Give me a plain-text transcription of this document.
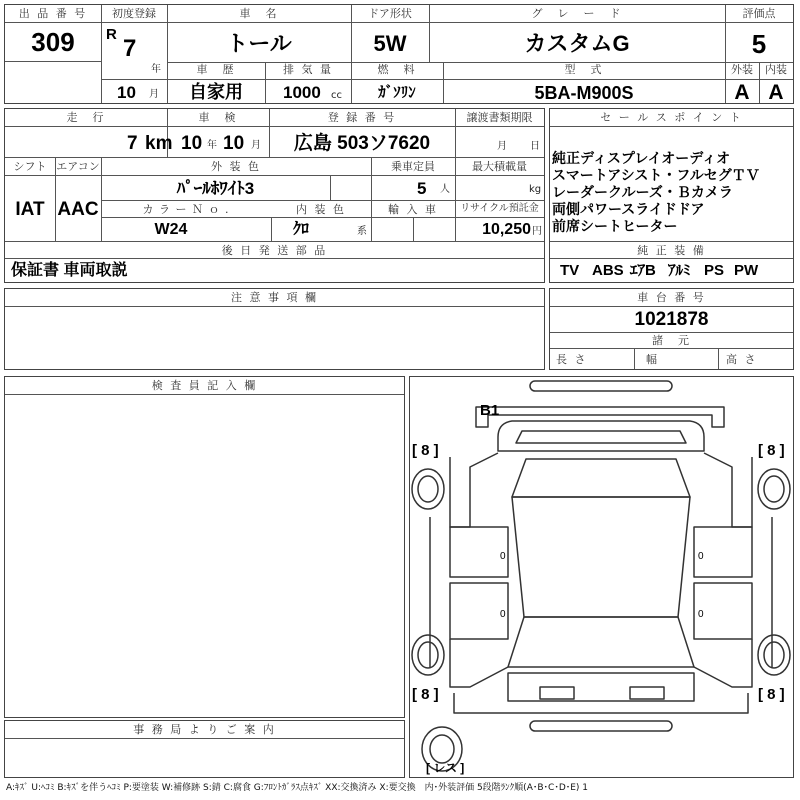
出 品 番 号	初度登録	車　名	ドア形状	グ　レ　ー　ド	評価点
309	R
7
年
トール	5W	カスタムG	5
車　歴	排 気 量	燃　料	型　式	外装	内装
10 月	自家用	1000 cc	ｶﾞｿﾘﾝ	5BA-M900S	A A
走　行	車　検	登 録 番 号	譲渡書類期限
7 km 10 年 10 月	広島 503ソ7620	月 日
シフト エアコン	外 装 色	乗車定員	最大積載量
IAT AAC
ﾊﾟｰﾙﾎﾜｲﾄ3	5 人	kg
カ ラ ー Ｎ ｏ .	内 装 色	輸 入 車	リサイクル預託金
W24	ｸﾛ	系	10,250 円
後 日 発 送 部 品
保証書 車両取説
セ ー ル ス ポ イ ン ト
純正ディスプレイオーディオ
スマートアシスト・フルセグＴＶ
レーダークルーズ・Ｂカメラ
両側パワースライドドア
前席シートヒーター
純 正 装 備
TV ABS ｴｱB ｱﾙﾐ PS PW
注 意 事 項 欄	車 台 番 号
1021878
諸　元
長 さ	幅	高 さ
検 査 員 記 入 欄
事 務 局 よ り ご 案 内
B1
[ 8 ]	[ 8 ]
[ 8 ]	[ 8 ]
[ レス ]
0
0
0
0
A:ｷｽﾞ U:ﾍｺﾐ B:ｷｽﾞを伴うﾍｺﾐ P:要塗装 W:補修跡 S:錆 C:腐食 G:ﾌﾛﾝﾄｶﾞﾗｽ点ｷｽﾞ XX:交換済み X:要交換　内･外装評価 5段階ﾗﾝｸ順(A･B･C･D･E) 1
